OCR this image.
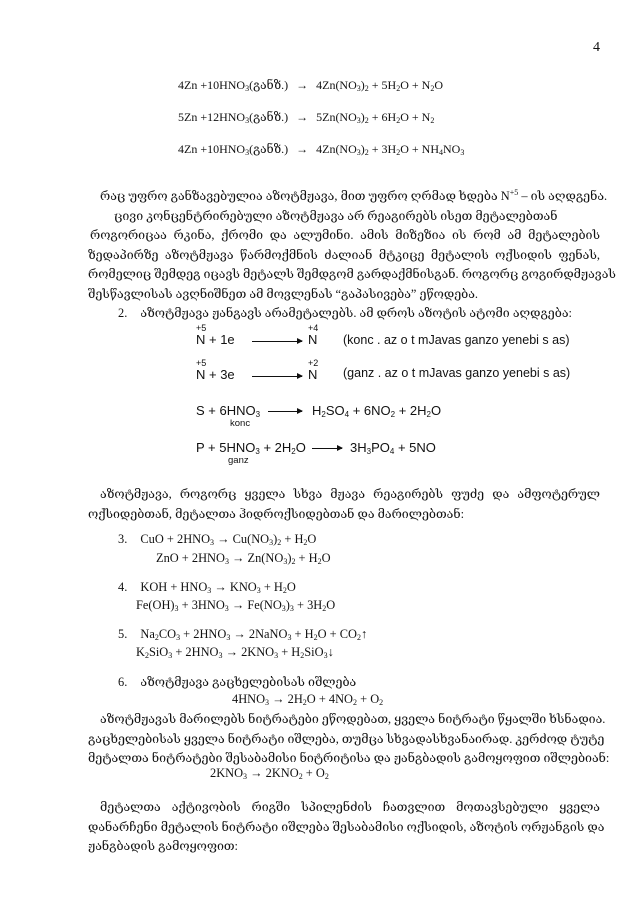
4
$4Zn +10HNO_3(განზ.) \to 4Zn(NO_3)_2 + 5H_2O + N_2O$
$5Zn +12HNO_3(განზ.) \to 5Zn(NO_3)_2 + 6H_2O + N_2$
$4Zn +10HNO_3(განზ.) \to 4Zn(NO_3)_2 + 3H_2O + NH_4NO_3$
რაც უფრო განზავებულია აზოტმჟავა, მით უფრო ღრმად ხდება $N^{+5}$ – ის აღდგენა.
ცივი კონცენტრირებული აზოტმჟავა არ რეაგირებს ისეთ მეტალებთან
როგორიცაა რკინა, ქრომი და ალუმინი. ამის მიზეზია ის რომ ამ მეტალების
ზედაპირზე აზოტმჟავა წარმოქმნის ძალიან მტკიცე მეტალის ოქსიდის ფენას,
რომელიც შემდეგ იცავს მეტალს შემდგომ გარდაქმნისგან. როგორც გოგირდმჟავას
შესწავლისას ავღნიშნეთ ამ მოვლენას “გაპასივება” ეწოდება.
2. აზოტმჟავა ჟანგავს არამეტალებს. ამ დროს აზოტის ატომი აღდგება:
+5	+4
N + 1e → N (konc . az o t mJavas ganzo yenebi s as)
+5	+2
N + 3e → N (ganz . az o t mJavas ganzo yenebi s as)
$S + 6HNO_3$
konc
→ $H_2SO_4 + 6NO_2 + 2H_2O$
$P + 5HNO_3 + 2H_2O$
ganz
→ $3H_3PO_4 + 5NO$
აზოტმჟავა, როგორც ყველა სხვა მჟავა რეაგირებს ფუძე და ამფოტერულ
ოქსიდებთან, მეტალთა ჰიდროქსიდებთან და მარილებთან:
3. CuO + $2HNO_3 \to Cu(NO_3)_2 + H_2O$
ZnO + $2HNO_3 \to Zn(NO_3)_2 + H_2O$
4. KOH + $HNO_3 \to KNO_3 + H_2O$
$Fe(OH)_3 + 3HNO_3 \to Fe(NO_3)_3 + 3H_2O$
5. $Na_2CO_3 + 2HNO_3$ → 2NaNO$_3$ + $H_2O$ + $CO_2↑$
$K_2SiO_3 + 2HNO_3 \to 2KNO_3$ + $H_2SiO_3↓$
6. აზოტმჟავა გაცხელებისას იშლება
$4HNO_3 \to 2H_2O + 4NO_2 + O_2$
აზოტმჟავას მარილებს ნიტრატები ეწოდებათ, ყველა ნიტრატი წყალში ხსნადია.
გაცხელებისას ყველა ნიტრატი იშლება, თუმცა სხვადასხვანაირად. კერძოდ ტუტე
მეტალთა ნიტრატები შესაბამისი ნიტრიტისა და ჟანგბადის გამოყოფით იშლებიან:
$2KNO_3 \to 2KNO_2 + O_2$
მეტალთა აქტივობის რიგში სპილენძის ჩათვლით მოთავსებული ყველა
დანარჩენი მეტალის ნიტრატი იშლება შესაბამისი ოქსიდის, აზოტის ორჟანგის და
ჟანგბადის გამოყოფით:
